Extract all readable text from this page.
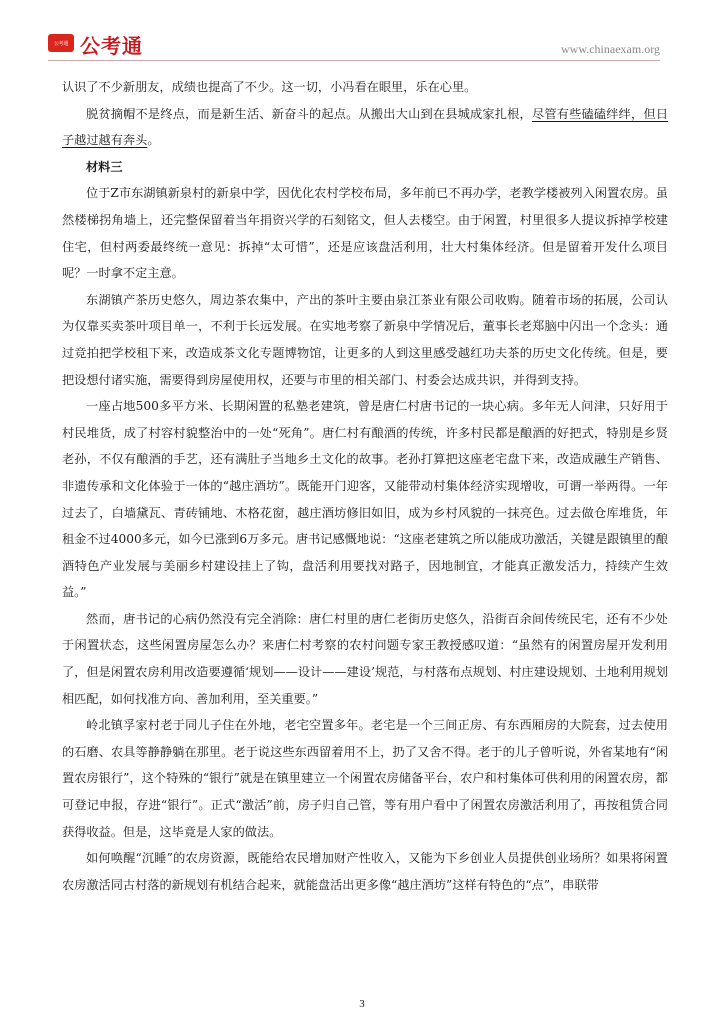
公考通 公考通	www.chinaexam.org

认识了不少新朋友，成绩也提高了不少。这一切，小冯看在眼里，乐在心里。

脱贫摘帽不是终点，而是新生活、新奋斗的起点。从搬出大山到在县城成家扎根，尽管有些磕磕绊绊，但日子越过越有奔头。

材料三

位于Z市东湖镇新泉村的新泉中学，因优化农村学校布局，多年前已不再办学，老教学楼被列入闲置农房。虽然楼梯拐角墙上，还完整保留着当年捐资兴学的石刻铭文，但人去楼空。由于闲置，村里很多人提议拆掉学校建住宅，但村两委最终统一意见：拆掉“太可惜”，还是应该盘活利用，壮大村集体经济。但是留着开发什么项目呢？一时拿不定主意。

东湖镇产茶历史悠久，周边茶农集中，产出的茶叶主要由泉江茶业有限公司收购。随着市场的拓展，公司认为仅靠买卖茶叶项目单一，不利于长远发展。在实地考察了新泉中学情况后，董事长老郑脑中闪出一个念头：通过竞拍把学校租下来，改造成茶文化专题博物馆，让更多的人到这里感受越红功夫茶的历史文化传统。但是，要把设想付诸实施，需要得到房屋使用权，还要与市里的相关部门、村委会达成共识，并得到支持。

一座占地500多平方米、长期闲置的私塾老建筑，曾是唐仁村唐书记的一块心病。多年无人问津，只好用于村民堆货，成了村容村貌整治中的一处“死角”。唐仁村有酿酒的传统，许多村民都是酿酒的好把式，特别是乡贤老孙，不仅有酿酒的手艺，还有满肚子当地乡土文化的故事。老孙打算把这座老宅盘下来，改造成融生产销售、非遗传承和文化体验于一体的“越庄酒坊”。既能开门迎客，又能带动村集体经济实现增收，可谓一举两得。一年过去了，白墙黛瓦、青砖铺地、木格花窗，越庄酒坊修旧如旧，成为乡村风貌的一抹亮色。过去做仓库堆货，年租金不过4000多元，如今已涨到6万多元。唐书记感慨地说：“这座老建筑之所以能成功激活，关键是跟镇里的酿酒特色产业发展与美丽乡村建设挂上了钩，盘活利用要找对路子，因地制宜，才能真正激发活力，持续产生效益。”

然而，唐书记的心病仍然没有完全消除：唐仁村里的唐仁老街历史悠久，沿街百余间传统民宅，还有不少处于闲置状态，这些闲置房屋怎么办？来唐仁村考察的农村问题专家王教授感叹道：“虽然有的闲置房屋开发利用了，但是闲置农房利用改造要遵循‘规划——设计——建设’规范，与村落布点规划、村庄建设规划、土地利用规划相匹配，如何找准方向、善加利用，至关重要。”

岭北镇孚家村老于同儿子住在外地，老宅空置多年。老宅是一个三间正房、有东西厢房的大院套，过去使用的石磨、农具等静静躺在那里。老于说这些东西留着用不上，扔了又舍不得。老于的儿子曾听说，外省某地有“闲置农房银行”，这个特殊的“银行”就是在镇里建立一个闲置农房储备平台，农户和村集体可供利用的闲置农房，都可登记申报，存进“银行”。正式“激活”前，房子归自己管，等有用户看中了闲置农房激活利用了，再按租赁合同获得收益。但是，这毕竟是人家的做法。

如何唤醒“沉睡”的农房资源，既能给农民增加财产性收入，又能为下乡创业人员提供创业场所？如果将闲置农房激活同古村落的新规划有机结合起来，就能盘活出更多像“越庄酒坊”这样有特色的“点”，串联带

3
